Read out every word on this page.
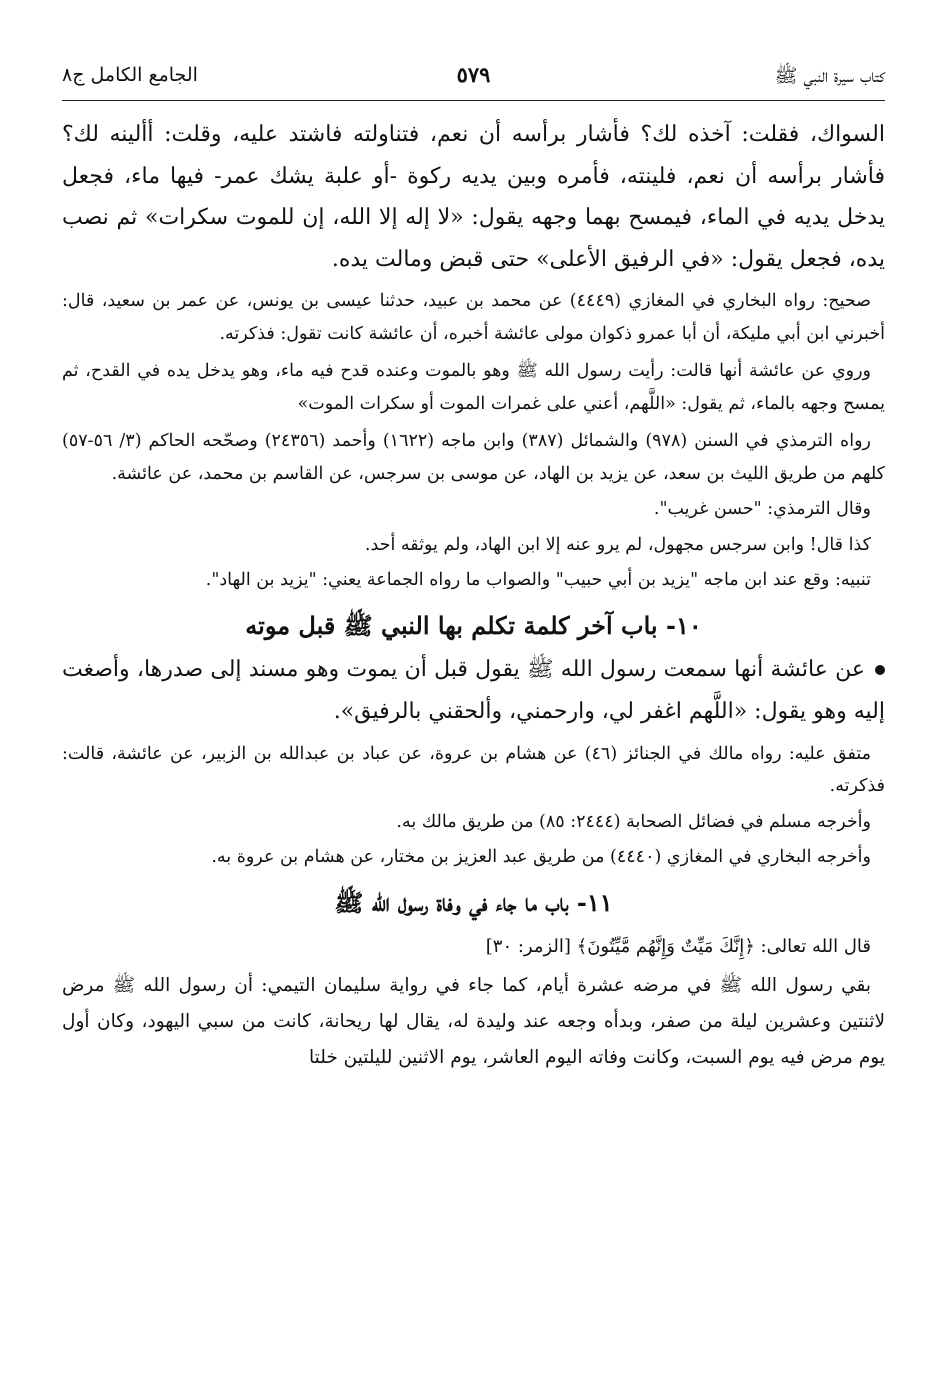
كتاب سيرة النبي ﷺ
٥٧٩
الجامع الكامل ج٨

السواك، فقلت: آخذه لك؟ فأشار برأسه أن نعم، فتناولته فاشتد عليه، وقلت: أألينه لك؟ فأشار برأسه أن نعم، فلينته، فأمره وبين يديه ركوة -أو علبة يشك عمر- فيها ماء، فجعل يدخل يديه في الماء، فيمسح بهما وجهه يقول: «لا إله إلا الله، إن للموت سكرات» ثم نصب يده، فجعل يقول: «في الرفيق الأعلى» حتى قبض ومالت يده.

صحيح: رواه البخاري في المغازي (٤٤٤٩) عن محمد بن عبيد، حدثنا عيسى بن يونس، عن عمر بن سعيد، قال: أخبرني ابن أبي مليكة، أن أبا عمرو ذكوان مولى عائشة أخبره، أن عائشة كانت تقول: فذكرته.

وروي عن عائشة أنها قالت: رأيت رسول الله ﷺ وهو بالموت وعنده قدح فيه ماء، وهو يدخل يده في القدح، ثم يمسح وجهه بالماء، ثم يقول: «اللَّهم، أعني على غمرات الموت أو سكرات الموت»

رواه الترمذي في السنن (٩٧٨) والشمائل (٣٨٧) وابن ماجه (١٦٢٢) وأحمد (٢٤٣٥٦) وصحّحه الحاكم (٣/ ٥٦-٥٧) كلهم من طريق الليث بن سعد، عن يزيد بن الهاد، عن موسى بن سرجس، عن القاسم بن محمد، عن عائشة.

وقال الترمذي: "حسن غريب".

كذا قال! وابن سرجس مجهول، لم يرو عنه إلا ابن الهاد، ولم يوثقه أحد.

تنبيه: وقع عند ابن ماجه "يزيد بن أبي حبيب" والصواب ما رواه الجماعة يعني: "يزيد بن الهاد".

١٠- باب آخر كلمة تكلم بها النبي ﷺ قبل موته

عن عائشة أنها سمعت رسول الله ﷺ يقول قبل أن يموت وهو مسند إلى صدرها، وأصغت إليه وهو يقول: «اللَّهم اغفر لي، وارحمني، وألحقني بالرفيق».

متفق عليه: رواه مالك في الجنائز (٤٦) عن هشام بن عروة، عن عباد بن عبدالله بن الزبير، عن عائشة، قالت: فذكرته.

وأخرجه مسلم في فضائل الصحابة (٢٤٤٤: ٨٥) من طريق مالك به.

وأخرجه البخاري في المغازي (٤٤٤٠) من طريق عبد العزيز بن مختار، عن هشام بن عروة به.

١١- باب ما جاء في وفاة رسول الله ﷺ

قال الله تعالى: ﴿إِنَّكَ مَيِّتٌ وَإِنَّهُم مَّيِّتُونَ﴾ [الزمر: ٣٠]

بقي رسول الله ﷺ في مرضه عشرة أيام، كما جاء في رواية سليمان التيمي: أن رسول الله ﷺ مرض لاثنتين وعشرين ليلة من صفر، وبدأه وجعه عند وليدة له، يقال لها ريحانة، كانت من سبي اليهود، وكان أول يوم مرض فيه يوم السبت، وكانت وفاته اليوم العاشر، يوم الاثنين لليلتين خلتا
